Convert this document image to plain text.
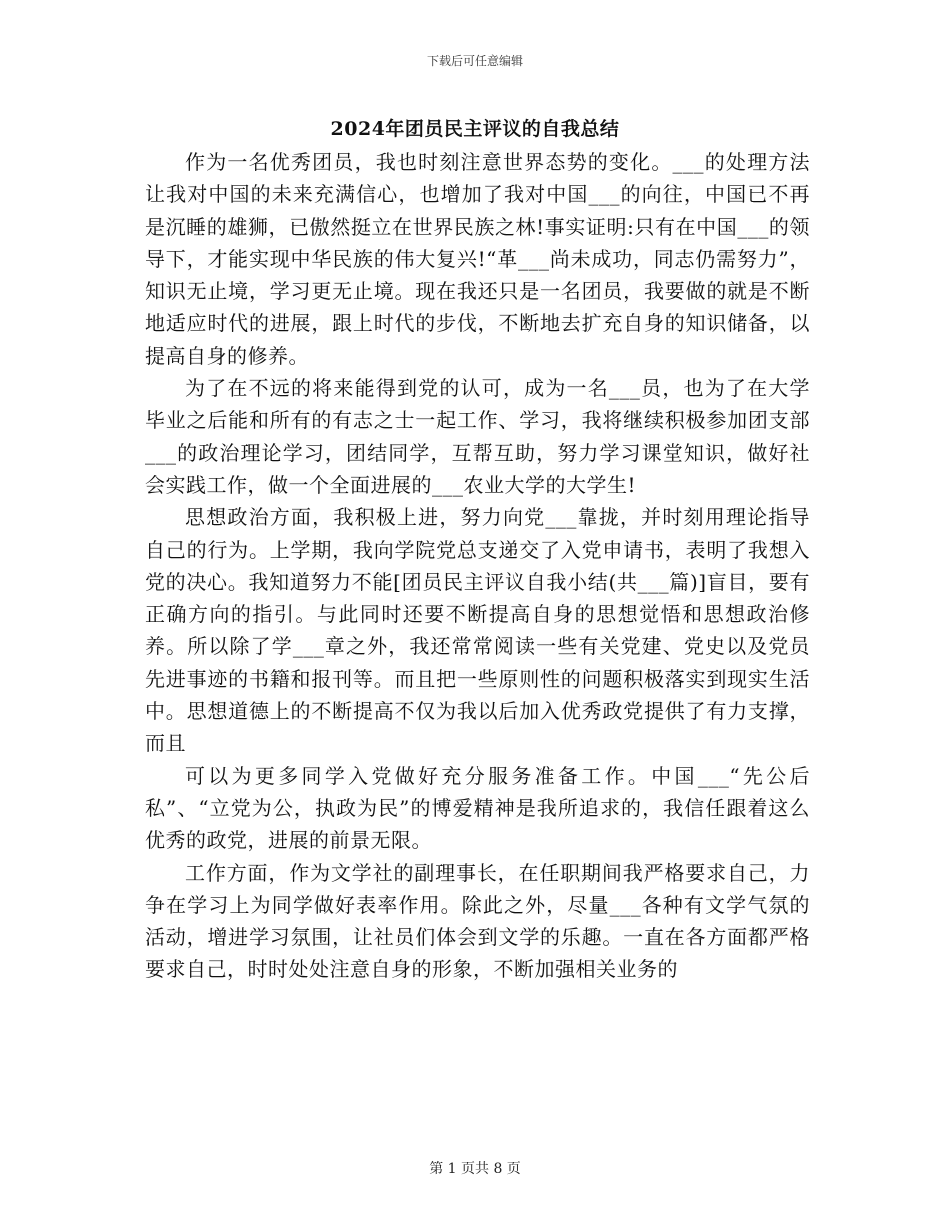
下载后可任意编辑
2024年团员民主评议的自我总结

作为一名优秀团员，我也时刻注意世界态势的变化。___的处理方法让我对中国的未来充满信心，也增加了我对中国___的向往，中国已不再是沉睡的雄狮，已傲然挺立在世界民族之林!事实证明:只有在中国___的领导下，才能实现中华民族的伟大复兴!“革___尚未成功，同志仍需努力”，知识无止境，学习更无止境。现在我还只是一名团员，我要做的就是不断地适应时代的进展，跟上时代的步伐，不断地去扩充自身的知识储备，以提高自身的修养。

为了在不远的将来能得到党的认可，成为一名___员，也为了在大学毕业之后能和所有的有志之士一起工作、学习，我将继续积极参加团支部___的政治理论学习，团结同学，互帮互助，努力学习课堂知识，做好社会实践工作，做一个全面进展的___农业大学的大学生!

思想政治方面，我积极上进，努力向党___靠拢，并时刻用理论指导自己的行为。上学期，我向学院党总支递交了入党申请书，表明了我想入党的决心。我知道努力不能[团员民主评议自我小结(共___篇)]盲目，要有正确方向的指引。与此同时还要不断提高自身的思想觉悟和思想政治修养。所以除了学___章之外，我还常常阅读一些有关党建、党史以及党员先进事迹的书籍和报刊等。而且把一些原则性的问题积极落实到现实生活中。思想道德上的不断提高不仅为我以后加入优秀政党提供了有力支撑，而且

可以为更多同学入党做好充分服务准备工作。中国___“先公后私”、“立党为公，执政为民”的博爱精神是我所追求的，我信任跟着这么优秀的政党，进展的前景无限。

工作方面，作为文学社的副理事长，在任职期间我严格要求自己，力争在学习上为同学做好表率作用。除此之外，尽量___各种有文学气氛的活动，增进学习氛围，让社员们体会到文学的乐趣。一直在各方面都严格要求自己，时时处处注意自身的形象，不断加强相关业务的

第 1 页共 8 页
